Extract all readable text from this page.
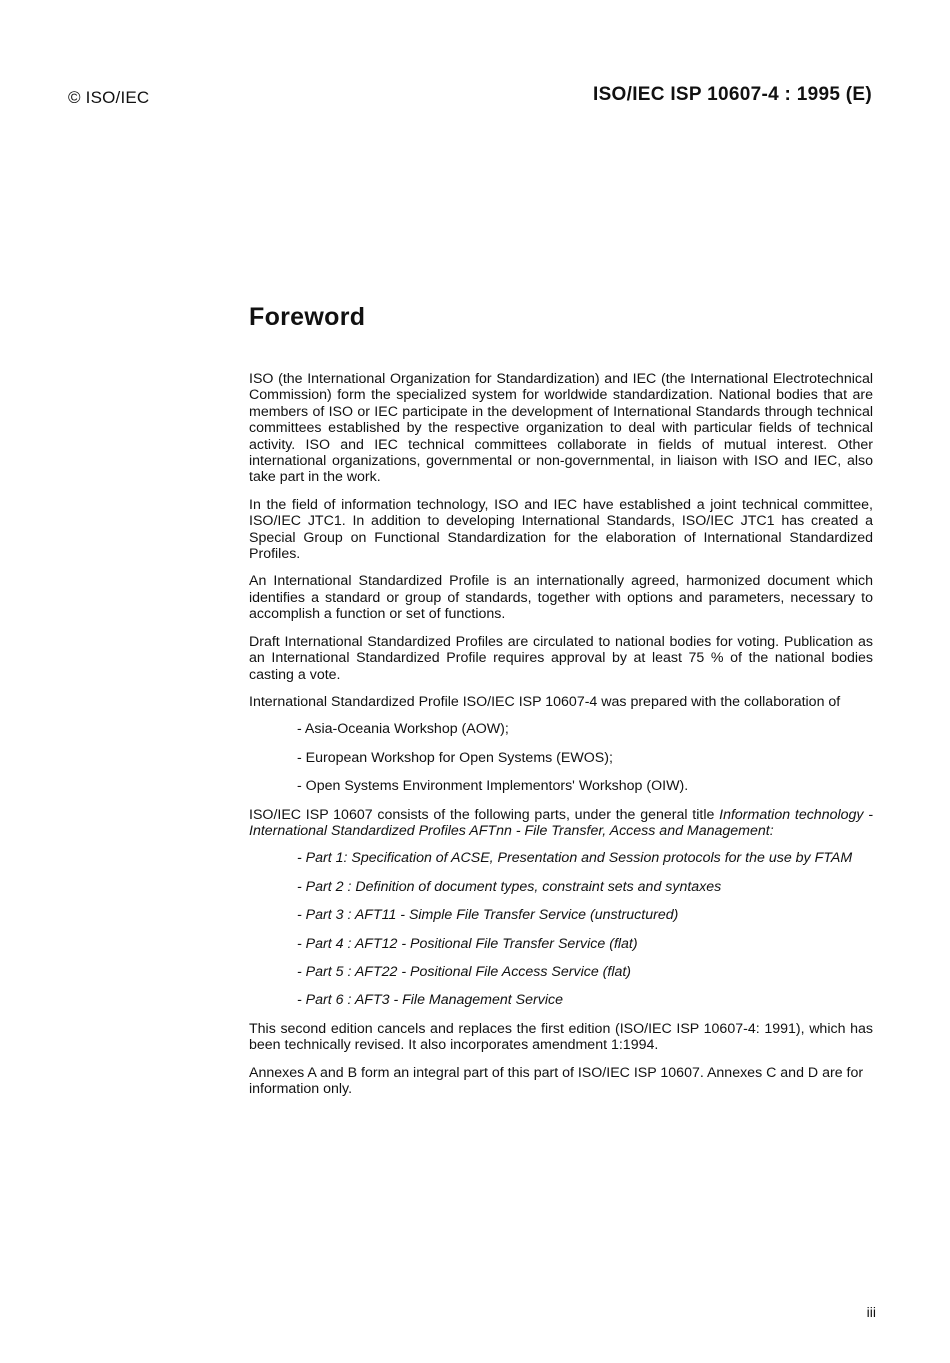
© ISO/IEC	ISO/IEC ISP 10607-4 : 1995 (E)
Foreword

ISO (the International Organization for Standardization) and IEC (the International Electrotechnical Commission) form the specialized system for worldwide standardization. National bodies that are members of ISO or IEC participate in the development of International Standards through technical committees established by the respective organization to deal with particular fields of technical activity. ISO and IEC technical committees collaborate in fields of mutual interest. Other international organizations, governmental or non-governmental, in liaison with ISO and IEC, also take part in the work.

In the field of information technology, ISO and IEC have established a joint technical committee, ISO/IEC JTC1. In addition to developing International Standards, ISO/IEC JTC1 has created a Special Group on Functional Standardization for the elaboration of International Standardized Profiles.

An International Standardized Profile is an internationally agreed, harmonized document which identifies a standard or group of standards, together with options and parameters, necessary to accomplish a function or set of functions.

Draft International Standardized Profiles are circulated to national bodies for voting. Publication as an International Standardized Profile requires approval by at least 75 % of the national bodies casting a vote.

International Standardized Profile ISO/IEC ISP 10607-4 was prepared with the collaboration of

- Asia-Oceania Workshop (AOW);
- European Workshop for Open Systems (EWOS);
- Open Systems Environment Implementors' Workshop (OIW).

ISO/IEC ISP 10607 consists of the following parts, under the general title Information technology - International Standardized Profiles AFTnn - File Transfer, Access and Management:

- Part 1: Specification of ACSE, Presentation and Session protocols for the use by FTAM
- Part 2 : Definition of document types, constraint sets and syntaxes
- Part 3 : AFT11 - Simple File Transfer Service (unstructured)
- Part 4 : AFT12 - Positional File Transfer Service (flat)
- Part 5 : AFT22 - Positional File Access Service (flat)
- Part 6 : AFT3 - File Management Service

This second edition cancels and replaces the first edition (ISO/IEC ISP 10607-4: 1991), which has been technically revised. It also incorporates amendment 1:1994.

Annexes A and B form an integral part of this part of ISO/IEC ISP 10607. Annexes C and D are for information only.

iii
